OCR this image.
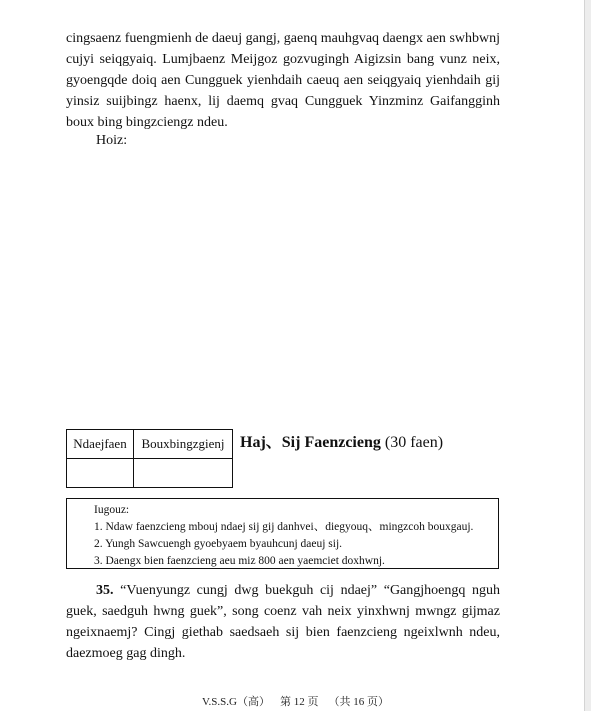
cingsaenz fuengmienh de daeuj gangj, gaenq mauhgvaq daengx aen swhbwnj cujyi seiqgyaiq. Lumjbaenz Meijgoz gozvugingh Aigizsin bang vunz neix, gyoengqde doiq aen Cungguek yienhdaih caeuq aen seiqgyaiq yienhdaih gij yinsiz suijbingz haenx, lij daemq gvaq Cungguek Yinzminz Gaifangginh boux bing bingzciengz ndeu.

Hoiz:

Ndaejfaen	Bouxbingzgienj
	Haj、Sij Faenzcieng (30 faen)

Iugouz:

1. Ndaw faenzcieng mbouj ndaej sij gij danhvei、diegyouq、mingzcoh bouxgauj.

2. Yungh Sawcuengh gyoebyaem byauhcunj daeuj sij.

3. Daengx bien faenzcieng aeu miz 800 aen yaemciet doxhwnj.

35. “Vuenyungz cungj dwg buekguh cij ndaej” “Gangjhoengq nguh guek, saedguh hwng guek”, song coenz vah neix yinxhwnj mwngz gijmaz ngeixnaemj? Cingj giethab saedsaeh sij bien faenzcieng ngeixlwnh ndeu, daezmoeg gag dingh.

V.S.S.G（高） 第 12 页 （共 16 页）
